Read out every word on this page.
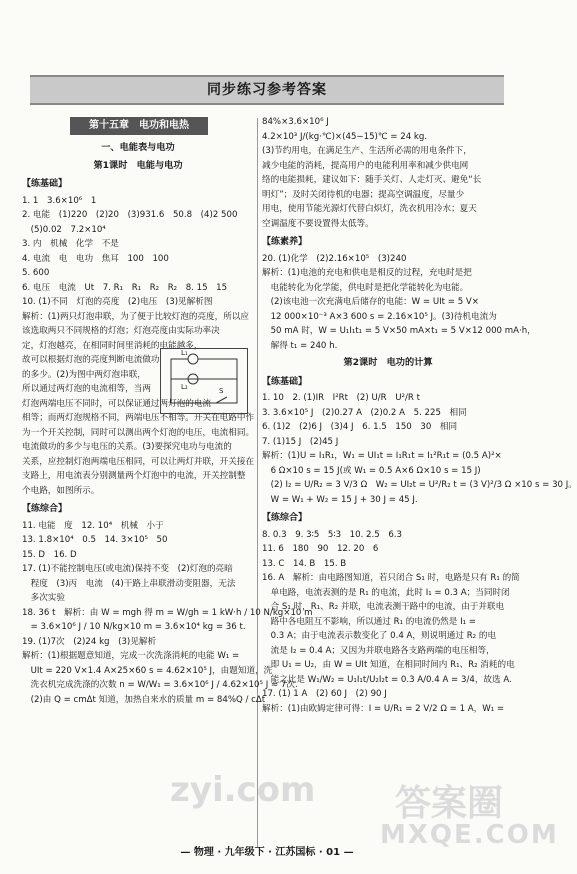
同步练习参考答案
第十五章　电功和电热
一、电能表与电功
第1课时　电能与电功
【练基础】
1. 1　3.6×10⁶　1
2. 电能　(1)220　(2)20　(3)931.6　50.8　(4)2 500
　(5)0.02　7.2×10⁴
3. 内　机械　化学　不是
4. 电流　电　电功　焦耳　100　100
5. 600
6. 电压　电流　Ut　7. R₁　R₁　R₂　R₂　8. 15　15
10. (1)不同　灯泡的亮度　(2)电压　(3)见解析图
解析：(1)两只灯泡串联，为了便于比较灯泡的亮度，所以应
该选取两只不同规格的灯泡；灯泡亮度由实际功率决
定，灯泡越亮，在相同时间里消耗的电能越多，
故可以根据灯泡的亮度判断电流做功
的多少。(2)为图中两灯泡串联，
所以通过两灯泡的电流相等，当两
灯泡两端电压不同时，可以保证通过两灯泡的电流
相等；而两灯泡规格不同，两端电压不相等。开关在电路中作
为一个开关控制，同时可以测出两个灯泡的电压，电流相同。
电流做功的多少与电压的关系。(3)要探究电功与电流的
关系，应控制灯泡两端电压相同，可以让两灯并联，开关接在
支路上，用电流表分别测量两个灯泡中的电流，开关控制整
个电路，如图所示。
【练综合】
11. 电能　度　12. 10⁴　机械　小于
13. 1.8×10⁴　0.5　14. 3×10⁵　50
15. D　16. D
17. (1)不能控制电压(或电流)保持不变　(2)灯泡的亮暗
　程度　(3)丙　电流　(4)干路上串联滑动变阻器，无法
　多次实验
18. 36 t　解析：由 W = mgh 得 m = W/gh = 1 kW·h / 10 N/kg×10 m
　= 3.6×10⁶ J / 10 N/kg×10 m = 3.6×10⁴ kg = 36 t.
19. (1)7次　(2)24 kg　(3)见解析
解析：(1)根据题意知道，完成一次洗涤消耗的电能 W₁ =
　UIt = 220 V×1.4 A×25×60 s = 4.62×10⁵ J，由题知道，洗
　洗衣机完成洗涤的次数 n = W/W₁ = 3.6×10⁶ J / 4.62×10⁵ J ≈ 7次.
　(2)由 Q = cmΔt 知道，加热自来水的质量 m = 84%Q / cΔt
L₁
L₂	S
84%×3.6×10⁶ J
4.2×10³ J/(kg·℃)×(45−15)℃ = 24 kg.
(3)节约用电，在满足生产、生活所必需的用电条件下，
减少电能的消耗，提高用户的电能利用率和减少供电网
络的电能损耗，建议如下：随手关灯、人走灯灭、避免“长
明灯”；及时关闭待机的电器；提高空调温度，尽量少
用电，使用节能光源灯代替白炽灯，洗衣机用冷水；夏天
空调温度不要设置得太低等。
【练素养】
20. (1)化学　(2)2.16×10⁵　(3)240
解析：(1)电池的充电和供电是相反的过程，充电时是把
　电能转化为化学能，供电时是把化学能转化为电能。
　(2)该电池一次充满电后储存的电能：W = UIt = 5 V×
　12 000×10⁻³ A×3 600 s = 2.16×10⁵ J。(3)待机电流为
　50 mA 时，W = U₁I₁t₁ = 5 V×50 mA×t₁ = 5 V×12 000 mA·h，
　解得 t₁ = 240 h.
第2课时　电功的计算
【练基础】
1. 10　2. (1)IR　I²Rt　(2) U/R　U²/R t
3. 3.6×10⁵ J　(2)0.27 A　(2)0.2 A　5. 225　相同
6. (1)2　(2)6 J　(3)4 J　6. 1.5　150　30　相同
7. (1)15 J　(2)45 J
解析：(1)U = I₁R₁，W₁ = UI₁t = I₁R₁t = I₁²R₁t = (0.5 A)²×
　6 Ω×10 s = 15 J(或 W₁ = 0.5 A×6 Ω×10 s = 15 J)
　(2) I₂ = U/R₂ = 3 V/3 Ω　W₂ = UI₂t = U²/R₂ t = (3 V)²/3 Ω ×10 s = 30 J。
　W = W₁ + W₂ = 15 J + 30 J = 45 J.
【练综合】
8. 0.3　9. 3∶5　5∶3　10. 2.5　6.3
11. 6　180　90　12. 20　6
13. C　14. B　15. B
16. A　解析：由电路图知道，若只闭合 S₁ 时，电路是只有 R₁ 的简
　单电路，电流表测的是 R₁ 的电流，此时 I₁ = 0.3 A；当同时闭
　合 S₁ 时，R₁、R₂ 并联，电流表测干路中的电流，由于并联电
　路中各电阻互不影响，所以通过 R₁ 的电流仍然是 I₁ =
　0.3 A；由于电流表示数变化了 0.4 A，则说明通过 R₂ 的电
　流是 I₂ = 0.4 A；又因为并联电路各支路两端的电压相等，
　即 U₁ = U₂，由 W = UIt 知道，在相同时间内 R₁、R₂ 消耗的电
　能之比是 W₁/W₂ = U₁I₁t/U₂I₂t = 0.3 A/0.4 A = 3/4，故选 A.
17. (1) 1 A　(2) 60 J　(2) 90 J
解析：(1)由欧姆定律可得：I = U/R₁ = 2 V/2 Ω = 1 A，W₁ =
— 物理 · 九年级下 · 江苏国标 · 01 —
zyi.com 答案圈
MXQE.COM
